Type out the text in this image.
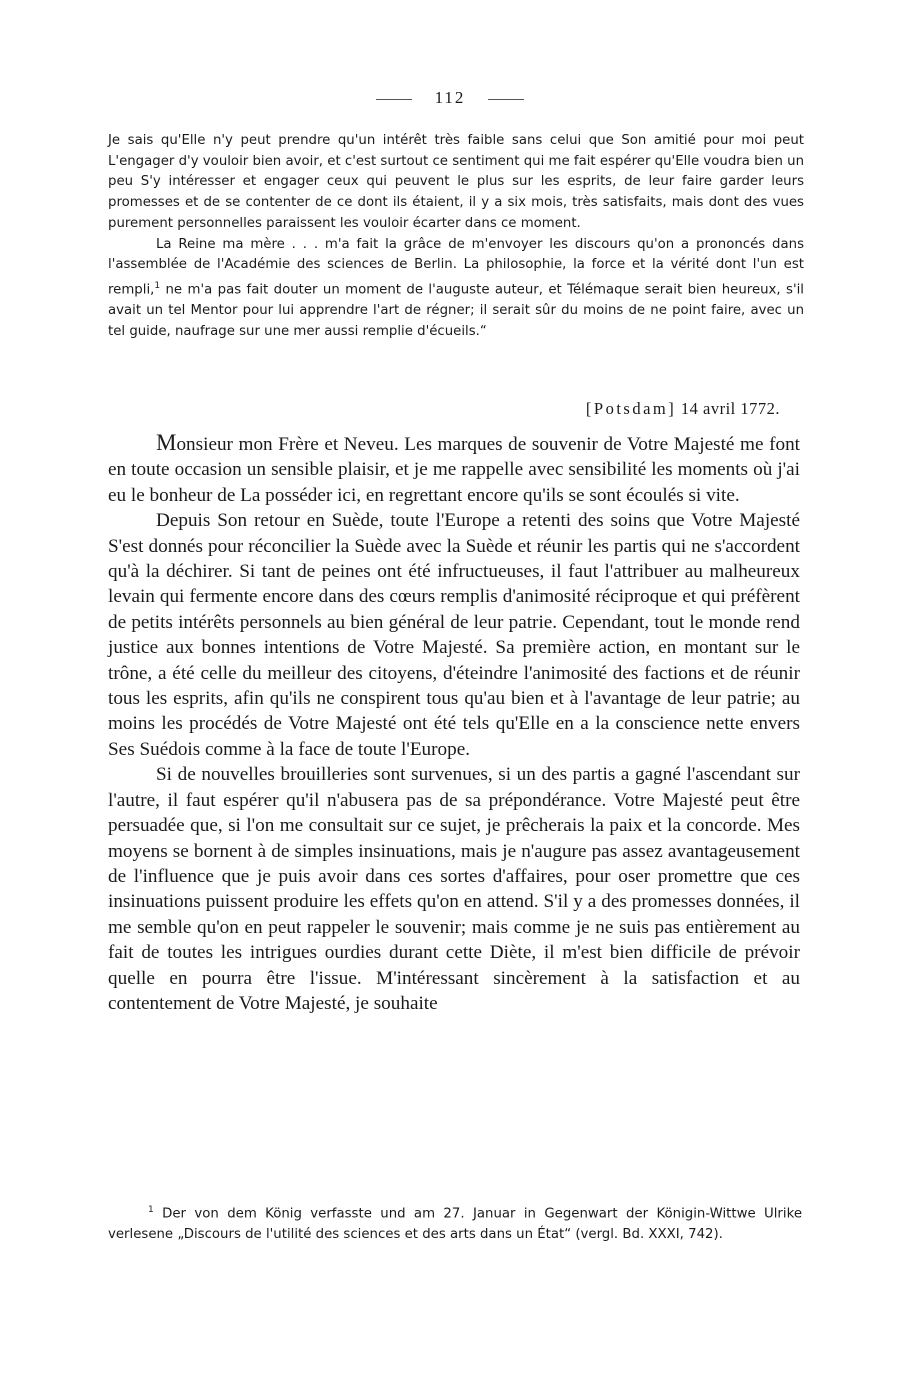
112

Je sais qu'Elle n'y peut prendre qu'un intérêt très faible sans celui que Son amitié pour moi peut L'engager d'y vouloir bien avoir, et c'est surtout ce sentiment qui me fait espérer qu'Elle voudra bien un peu S'y intéresser et engager ceux qui peuvent le plus sur les esprits, de leur faire garder leurs promesses et de se contenter de ce dont ils étaient, il y a six mois, très satisfaits, mais dont des vues purement personnelles paraissent les vouloir écarter dans ce moment.

La Reine ma mère . . . m'a fait la grâce de m'envoyer les discours qu'on a prononcés dans l'assemblée de l'Académie des sciences de Berlin. La philosophie, la force et la vérité dont l'un est rempli,$^1$ ne m'a pas fait douter un moment de l'auguste auteur, et Télémaque serait bien heureux, s'il avait un tel Mentor pour lui apprendre l'art de régner; il serait sûr du moins de ne point faire, avec un tel guide, naufrage sur une mer aussi remplie d'écueils.“

[Potsdam] 14 avril 1772.

Monsieur mon Frère et Neveu. Les marques de souvenir de Votre Majesté me font en toute occasion un sensible plaisir, et je me rappelle avec sensibilité les moments où j'ai eu le bonheur de La posséder ici, en regrettant encore qu'ils se sont écoulés si vite.

Depuis Son retour en Suède, toute l'Europe a retenti des soins que Votre Majesté S'est donnés pour réconcilier la Suède avec la Suède et réunir les partis qui ne s'accordent qu'à la déchirer. Si tant de peines ont été infructueuses, il faut l'attribuer au malheureux levain qui fermente encore dans des cœurs remplis d'animosité réciproque et qui préfèrent de petits intérêts personnels au bien général de leur patrie. Cependant, tout le monde rend justice aux bonnes intentions de Votre Majesté. Sa première action, en montant sur le trône, a été celle du meilleur des citoyens, d'éteindre l'animosité des factions et de réunir tous les esprits, afin qu'ils ne conspirent tous qu'au bien et à l'avantage de leur patrie; au moins les procédés de Votre Majesté ont été tels qu'Elle en a la conscience nette envers Ses Suédois comme à la face de toute l'Europe.

Si de nouvelles brouilleries sont survenues, si un des partis a gagné l'ascendant sur l'autre, il faut espérer qu'il n'abusera pas de sa prépondérance. Votre Majesté peut être persuadée que, si l'on me consultait sur ce sujet, je prêcherais la paix et la concorde. Mes moyens se bornent à de simples insinuations, mais je n'augure pas assez avantageusement de l'influence que je puis avoir dans ces sortes d'affaires, pour oser promettre que ces insinuations puissent produire les effets qu'on en attend. S'il y a des promesses données, il me semble qu'on en peut rappeler le souvenir; mais comme je ne suis pas entièrement au fait de toutes les intrigues ourdies durant cette Diète, il m'est bien difficile de prévoir quelle en pourra être l'issue. M'intéressant sincèrement à la satisfaction et au contentement de Votre Majesté, je souhaite

$^1$ Der von dem König verfasste und am 27. Januar in Gegenwart der Königin-Wittwe Ulrike verlesene „Discours de l'utilité des sciences et des arts dans un État“ (vergl. Bd. XXXI, 742).
